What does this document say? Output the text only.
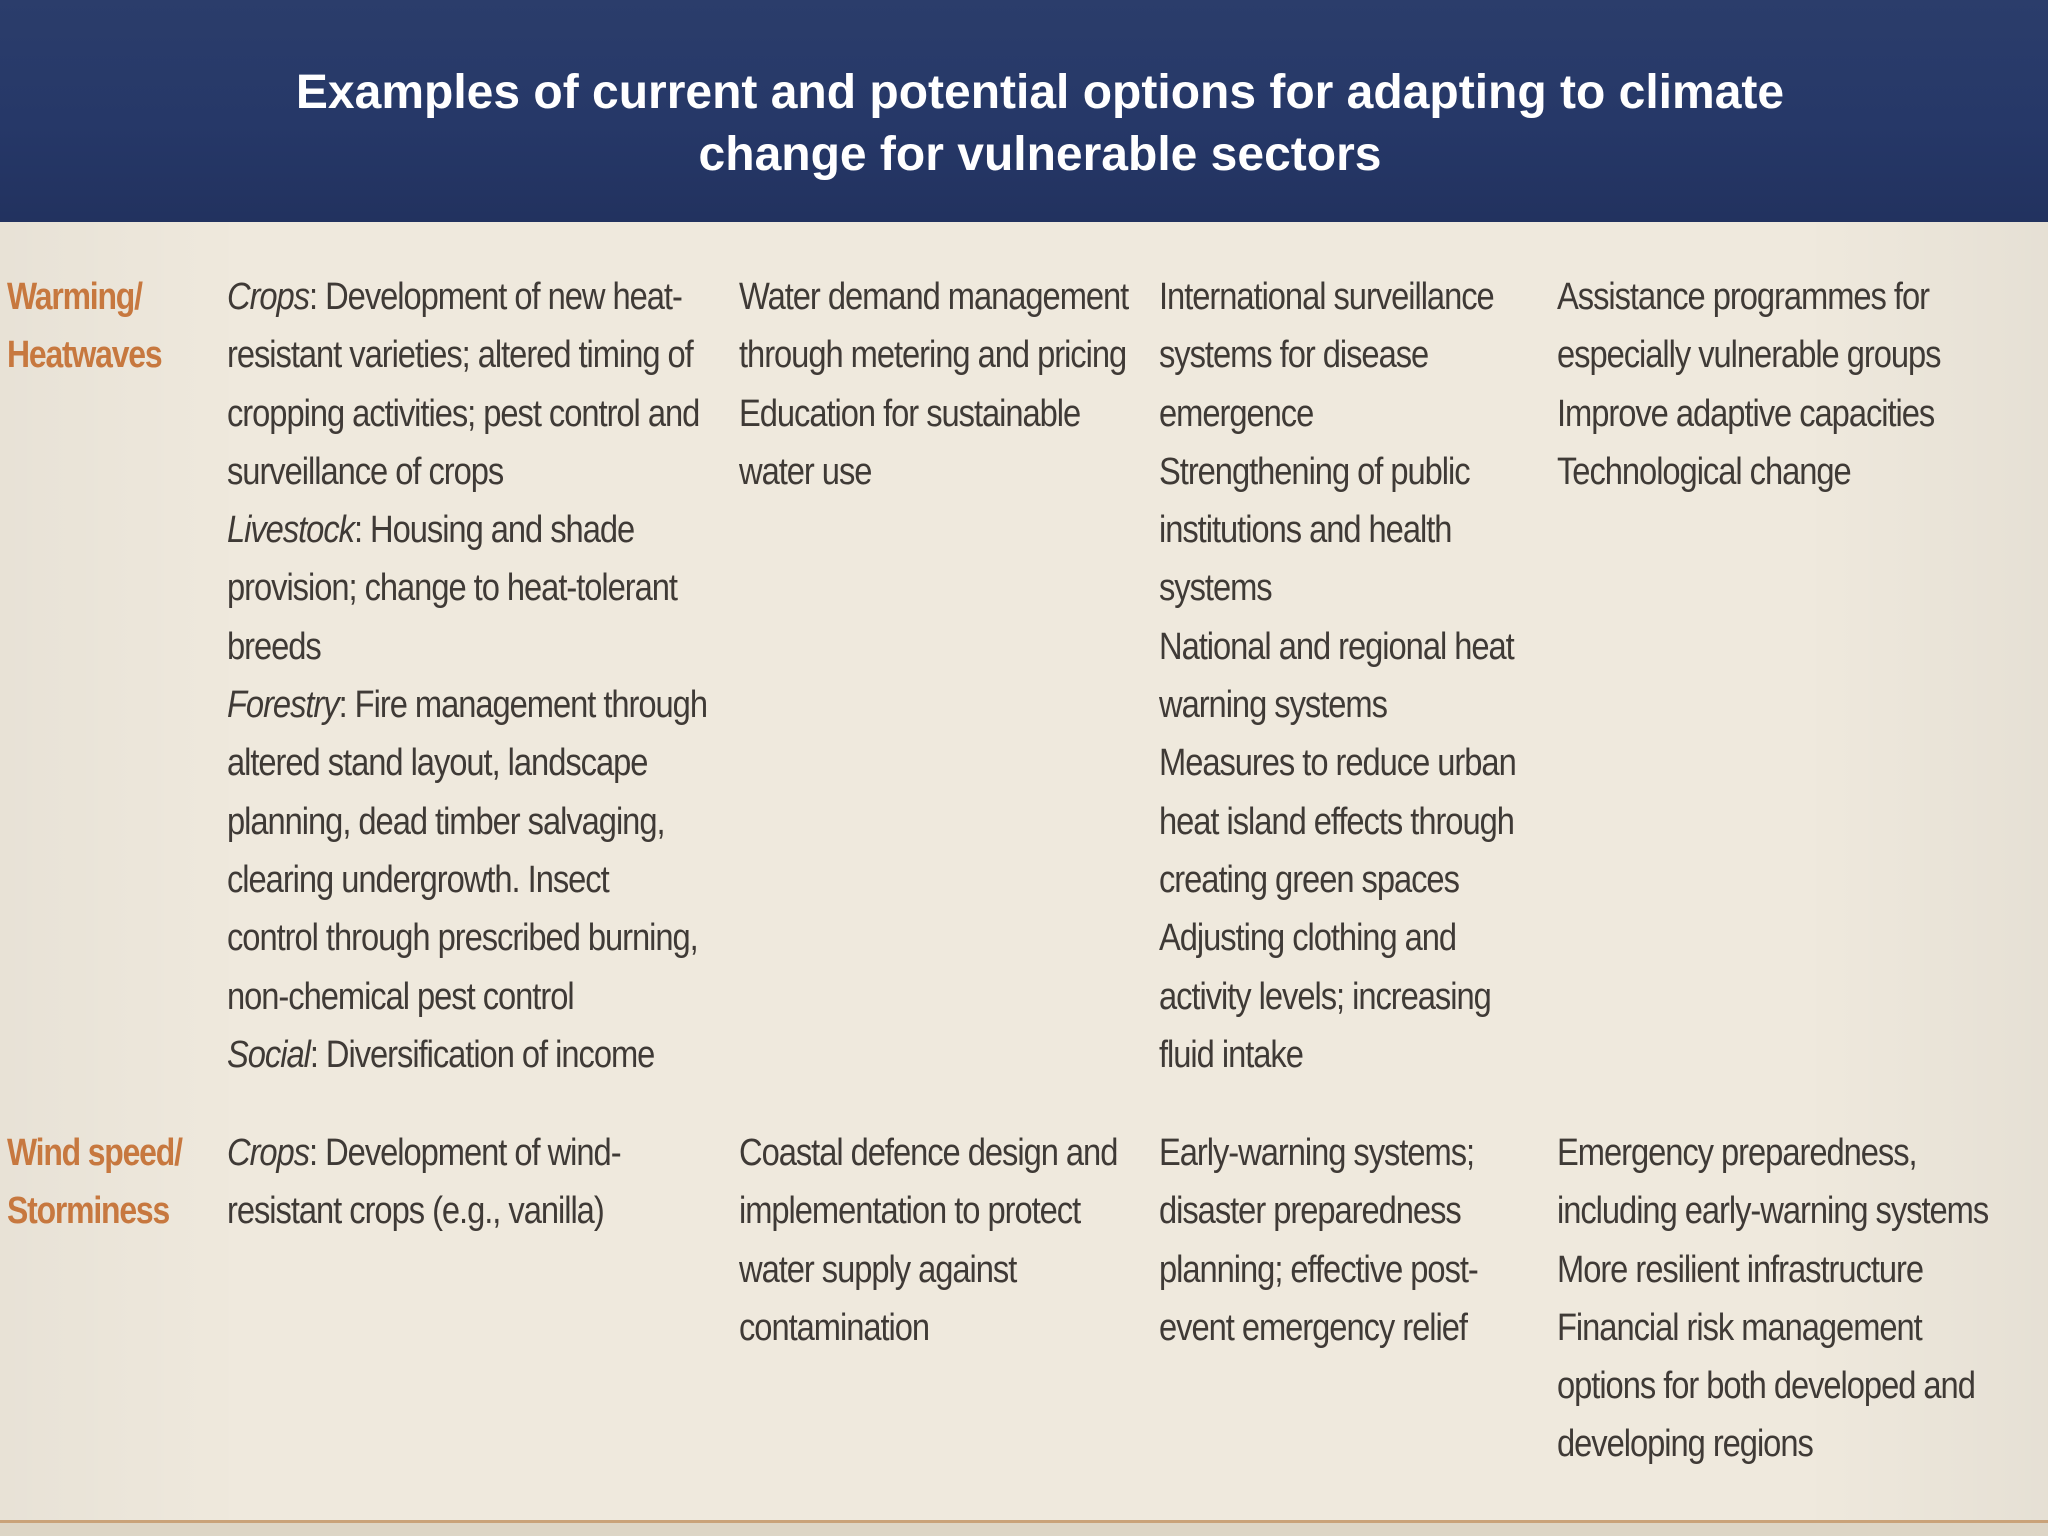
Examples of current and potential options for adapting to climate
change for vulnerable sectors
Warming/
Heatwaves
Crops: Development of new heat-
resistant varieties; altered timing of
cropping activities; pest control and
surveillance of crops
Livestock: Housing and shade
provision; change to heat-tolerant
breeds
Forestry: Fire management through
altered stand layout, landscape
planning, dead timber salvaging,
clearing undergrowth. Insect
control through prescribed burning,
non-chemical pest control
Social: Diversification of income
Water demand management
through metering and pricing
Education for sustainable
water use
International surveillance
systems for disease
emergence
Strengthening of public
institutions and health
systems
National and regional heat
warning systems
Measures to reduce urban
heat island effects through
creating green spaces
Adjusting clothing and
activity levels; increasing
fluid intake
Assistance programmes for
especially vulnerable groups
Improve adaptive capacities
Technological change
Wind speed/
Storminess
Crops: Development of wind-
resistant crops (e.g., vanilla)
Coastal defence design and
implementation to protect
water supply against
contamination
Early-warning systems;
disaster preparedness
planning; effective post-
event emergency relief
Emergency preparedness,
including early-warning systems
More resilient infrastructure
Financial risk management
options for both developed and
developing regions
